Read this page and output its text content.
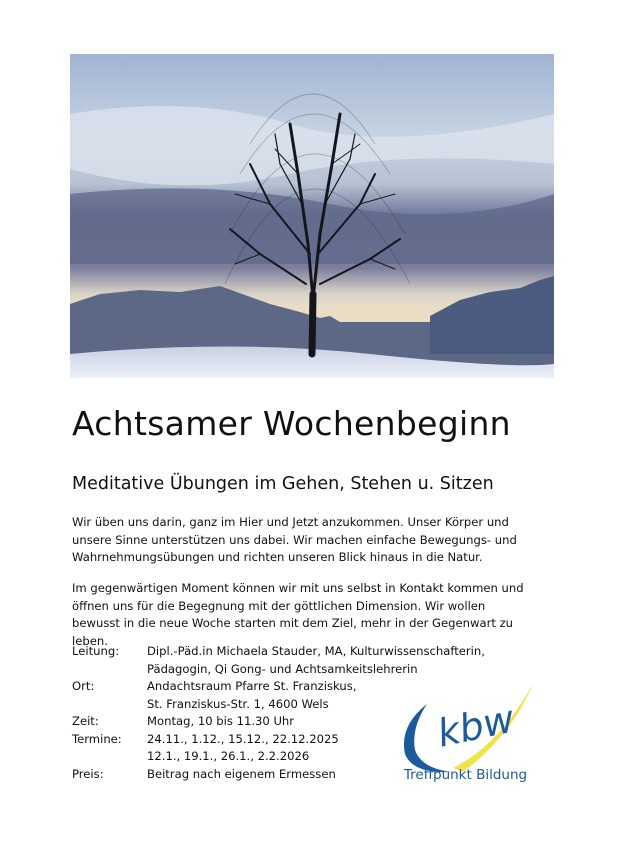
Achtsamer Wochenbeginn
Meditative Übungen im Gehen, Stehen u. Sitzen

Wir üben uns darin, ganz im Hier und Jetzt anzukommen. Unser Körper und unsere Sinne unterstützen uns dabei. Wir machen einfache Bewegungs- und Wahrnehmungsübungen und richten unseren Blick hinaus in die Natur.

Im gegenwärtigen Moment können wir mit uns selbst in Kontakt kommen und öffnen uns für die Begegnung mit der göttlichen Dimension. Wir wollen bewusst in die neue Woche starten mit dem Ziel, mehr in der Gegenwart zu leben.

Leitung:	Dipl.-Päd.in Michaela Stauder, MA, Kulturwissenschafterin,
Pädagogin, Qi Gong- und Achtsamkeitslehrerin
Ort:	Andachtsraum Pfarre St. Franziskus,
St. Franziskus-Str. 1, 4600 Wels
Zeit:	Montag, 10 bis 11.30 Uhr
Termine:	24.11., 1.12., 15.12., 22.12.2025
12.1., 19.1., 26.1., 2.2.2026
Preis:	Beitrag nach eigenem Ermessen
kbw
Treffpunkt Bildung
